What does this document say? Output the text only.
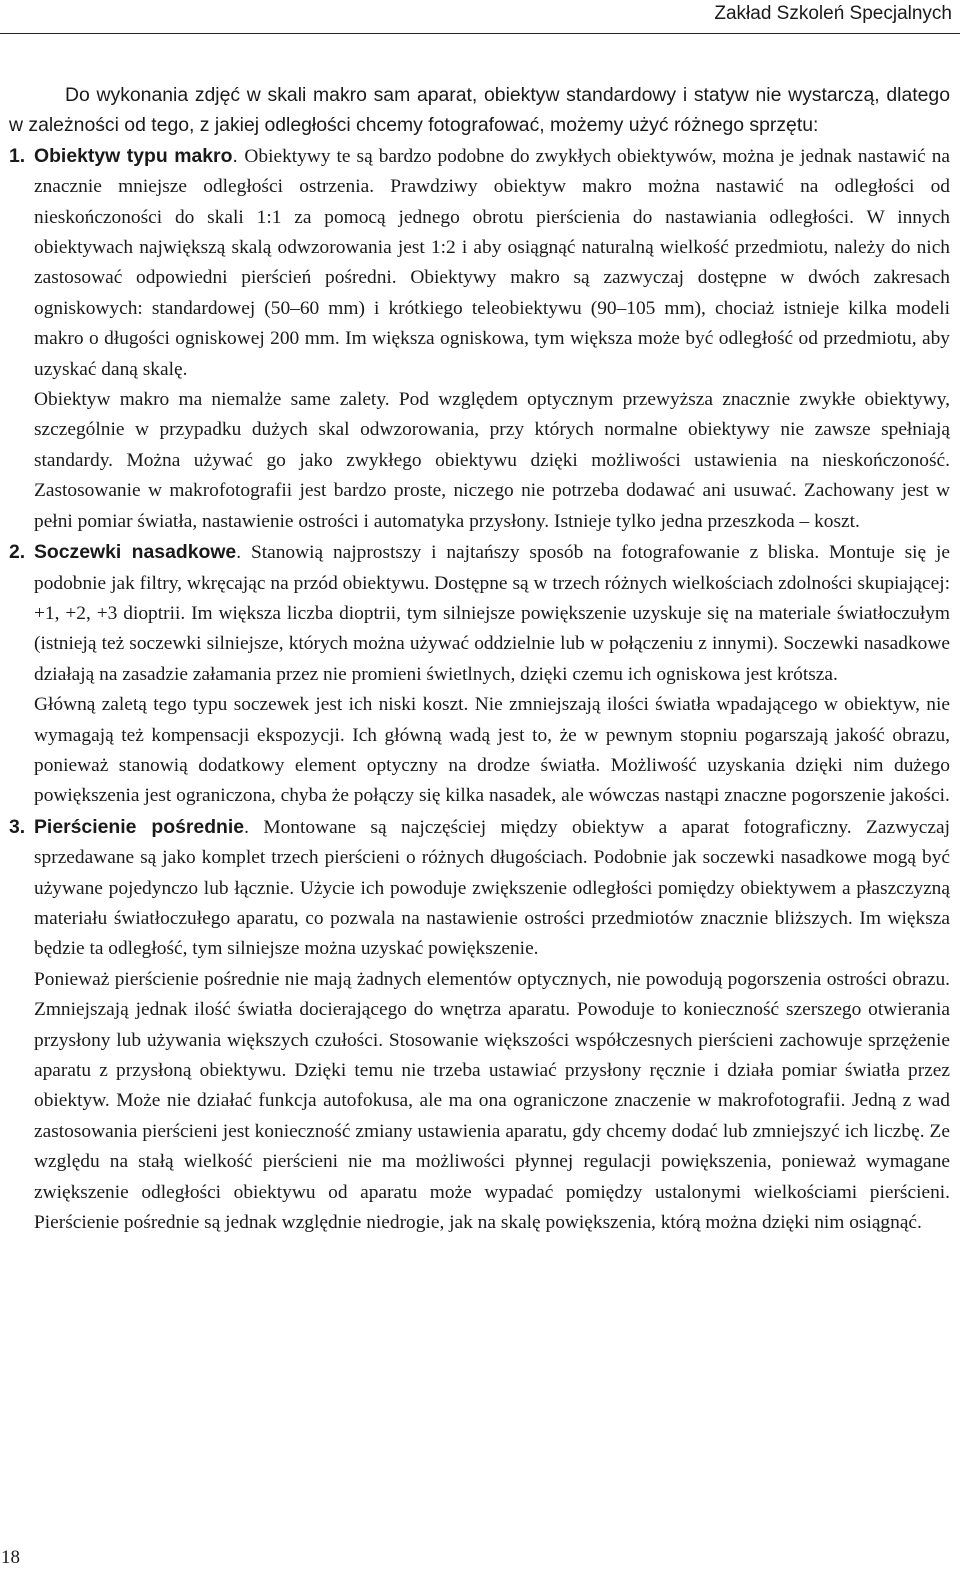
Zakład Szkoleń Specjalnych

Do wykonania zdjęć w skali makro sam aparat, obiektyw standardowy i statyw nie wystarczą, dlatego w zależności od tego, z jakiej odległości chcemy fotografować, możemy użyć różnego sprzętu:

1. Obiektyw typu makro. Obiektywy te są bardzo podobne do zwykłych obiektywów, można je jednak nastawić na znacznie mniejsze odległości ostrzenia. Prawdziwy obiektyw makro można nastawić na odległości od nieskończoności do skali 1:1 za pomocą jednego obrotu pierścienia do nastawiania odległości. W innych obiektywach największą skalą odwzorowania jest 1:2 i aby osiągnąć naturalną wielkość przedmiotu, należy do nich zastosować odpowiedni pierścień pośredni. Obiektywy makro są zazwyczaj dostępne w dwóch zakresach ogniskowych: standardowej (50–60 mm) i krótkiego teleobiektywu (90–105 mm), chociaż istnieje kilka modeli makro o długości ogniskowej 200 mm. Im większa ogniskowa, tym większa może być odległość od przedmiotu, aby uzyskać daną skalę.

Obiektyw makro ma niemalże same zalety. Pod względem optycznym przewyższa znacznie zwykłe obiektywy, szczególnie w przypadku dużych skal odwzorowania, przy których normalne obiektywy nie zawsze spełniają standardy. Można używać go jako zwykłego obiektywu dzięki możliwości ustawienia na nieskończoność. Zastosowanie w makrofotografii jest bardzo proste, niczego nie potrzeba dodawać ani usuwać. Zachowany jest w pełni pomiar światła, nastawienie ostrości i automatyka przysłony. Istnieje tylko jedna przeszkoda – koszt.

2. Soczewki nasadkowe. Stanowią najprostszy i najtańszy sposób na fotografowanie z bliska. Montuje się je podobnie jak filtry, wkręcając na przód obiektywu. Dostępne są w trzech różnych wielkościach zdolności skupiającej: +1, +2, +3 dioptrii. Im większa liczba dioptrii, tym silniejsze powiększenie uzyskuje się na materiale światłoczułym (istnieją też soczewki silniejsze, których można używać oddzielnie lub w połączeniu z innymi). Soczewki nasadkowe działają na zasadzie załamania przez nie promieni świetlnych, dzięki czemu ich ogniskowa jest krótsza.

Główną zaletą tego typu soczewek jest ich niski koszt. Nie zmniejszają ilości światła wpadającego w obiektyw, nie wymagają też kompensacji ekspozycji. Ich główną wadą jest to, że w pewnym stopniu pogarszają jakość obrazu, ponieważ stanowią dodatkowy element optyczny na drodze światła. Możliwość uzyskania dzięki nim dużego powiększenia jest ograniczona, chyba że połączy się kilka nasadek, ale wówczas nastąpi znaczne pogorszenie jakości.

3. Pierścienie pośrednie. Montowane są najczęściej między obiektyw a aparat fotograficzny. Zazwyczaj sprzedawane są jako komplet trzech pierścieni o różnych długościach. Podobnie jak soczewki nasadkowe mogą być używane pojedynczo lub łącznie. Użycie ich powoduje zwiększenie odległości pomiędzy obiektywem a płaszczyzną materiału światłoczułego aparatu, co pozwala na nastawienie ostrości przedmiotów znacznie bliższych. Im większa będzie ta odległość, tym silniejsze można uzyskać powiększenie.

Ponieważ pierścienie pośrednie nie mają żadnych elementów optycznych, nie powodują pogorszenia ostrości obrazu. Zmniejszają jednak ilość światła docierającego do wnętrza aparatu. Powoduje to konieczność szerszego otwierania przysłony lub używania większych czułości. Stosowanie większości współczesnych pierścieni zachowuje sprzężenie aparatu z przysłoną obiektywu. Dzięki temu nie trzeba ustawiać przysłony ręcznie i działa pomiar światła przez obiektyw. Może nie działać funkcja autofokusa, ale ma ona ograniczone znaczenie w makrofotografii. Jedną z wad zastosowania pierścieni jest konieczność zmiany ustawienia aparatu, gdy chcemy dodać lub zmniejszyć ich liczbę. Ze względu na stałą wielkość pierścieni nie ma możliwości płynnej regulacji powiększenia, ponieważ wymagane zwiększenie odległości obiektywu od aparatu może wypadać pomiędzy ustalonymi wielkościami pierścieni. Pierścienie pośrednie są jednak względnie niedrogie, jak na skalę powiększenia, którą można dzięki nim osiągnąć.

18
